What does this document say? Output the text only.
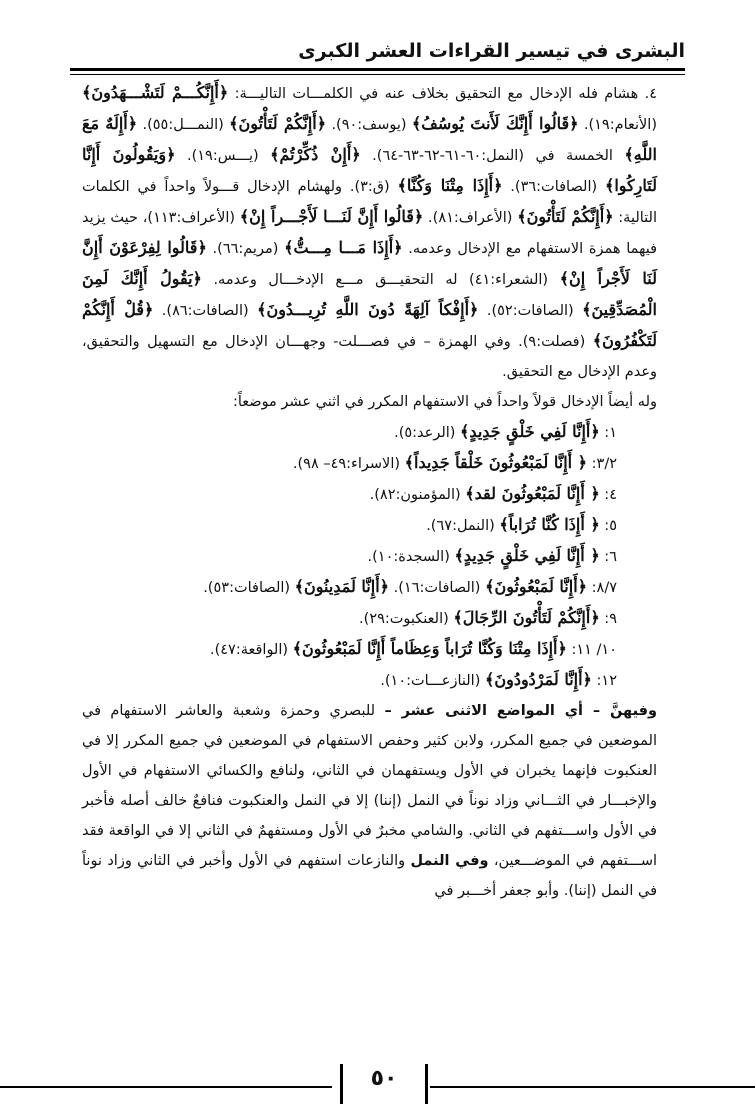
البشرى في تيسير القراءات العشر الكبرى

٤. هشام فله الإدخال مع التحقيق بخلاف عنه في الكلمـــات التاليـــة: ﴿أَإِنَّكُـــمْ لَتَشْـــهَدُونَ﴾ (الأنعام:١٩). ﴿قَالُوا أَإِنَّكَ لَأَنتَ يُوسُفُ﴾ (يوسف:٩٠). ﴿أَإِنَّكُمْ لَتَأْتُونَ﴾ (النمـــل:٥٥). ﴿أَإِلَهٌ مَعَ اللَّهِ﴾ الخمسة في (النمل:٦٠-٦١-٦٢-٦٣-٦٤). ﴿أَإِنْ ذُكِّرْتُمْ﴾ (يـــس:١٩). ﴿وَيَقُولُونَ أَإِنَّا لَتَارِكُوا﴾ (الصافات:٣٦). ﴿أَإِذَا مِتْنَا وَكُنَّا﴾ (ق:٣). ولهشام الإدخال قـــولاً واحداً في الكلمات التالية: ﴿أَإِنَّكُمْ لَتَأْتُونَ﴾ (الأعراف:٨١). ﴿قَالُوا أَإِنَّ لَنَـــا لَأَجْـــراً إِنْ﴾ (الأعراف:١١٣)، حيث يزيد فيهما همزة الاستفهام مع الإدخال وعدمه. ﴿أَإِذَا مَـــا مِـــتُّ﴾ (مريم:٦٦). ﴿قَالُوا لِفِرْعَوْنَ أَإِنَّ لَنَا لَأَجْراً إِنْ﴾ (الشعراء:٤١) له التحقيـــق مـــع الإدخـــال وعدمه. ﴿يَقُولُ أَإِنَّكَ لَمِنَ الْمُصَدِّقِينَ﴾ (الصافات:٥٢). ﴿أَإِفْكاً آلِهَةً دُونَ اللَّهِ تُرِيـــدُونَ﴾ (الصافات:٨٦). ﴿قُلْ أَإِنَّكُمْ لَتَكْفُرُونَ﴾ (فصلت:٩). وفي الهمزة – في فصـــلت- وجهـــان الإدخال مع التسهيل والتحقيق، وعدم الإدخال مع التحقيق.

وله أيضاً الإدخال قولاً واحداً في الاستفهام المكرر في اثني عشر موضعاً:

١: ﴿أَإِنَّا لَفِي خَلْقٍ جَدِيدٍ﴾ (الرعد:٥).

٣/٢: ﴿ أَإِنَّا لَمَبْعُوثُونَ خَلْقاً جَدِيداً﴾ (الاسراء:٤٩– ٩٨).

٤: ﴿ أَإِنَّا لَمَبْعُوثُونَ لقد﴾ (المؤمنون:٨٢).

٥: ﴿ أَإِذَا كُنَّا تُرَاباً﴾ (النمل:٦٧).

٦: ﴿ أَإِنَّا لَفِي خَلْقٍ جَدِيدٍ﴾ (السجدة:١٠).

٨/٧: ﴿أَإِنَّا لَمَبْعُوثُونَ﴾ (الصافات:١٦). ﴿أَإِنَّا لَمَدِينُونَ﴾ (الصافات:٥٣).

٩: ﴿أَإِنَّكُمْ لَتَأْتُونَ الرِّجَالَ﴾ (العنكبوت:٢٩).

١٠/ ١١: ﴿أَإِذَا مِتْنَا وَكُنَّا تُرَاباً وَعِظَاماً أَإِنَّا لَمَبْعُوثُونَ﴾ (الواقعة:٤٧).

١٢: ﴿أَإِنَّا لَمَرْدُودُونَ﴾ (النازعـــات:١٠).

وفيهنَّ – أي المواضع الاثنى عشر – للبصري وحمزة وشعبة والعاشر الاستفهام في الموضعين في جميع المكرر، ولابن كثير وحفص الاستفهام في الموضعين في جميع المكرر إلا في العنكبوت فإنهما يخبران في الأول ويستفهمان في الثاني، ولنافع والكسائي الاستفهام في الأول والإخبـــار في الثـــاني وزاد نوناً في النمل (إننا) إلا في النمل والعنكبوت فنافعٌ خالف أصله فأخبر في الأول واســـتفهم في الثاني. والشامي مخبرٌ في الأول ومستفهمٌ في الثاني إلا في الواقعة فقد اســـتفهم في الموضـــعين، وفي النمل والنازعات استفهم في الأول وأخبر في الثاني وزاد نوناً في النمل (إننا). وأبو جعفر أخـــبر في

٥٠
